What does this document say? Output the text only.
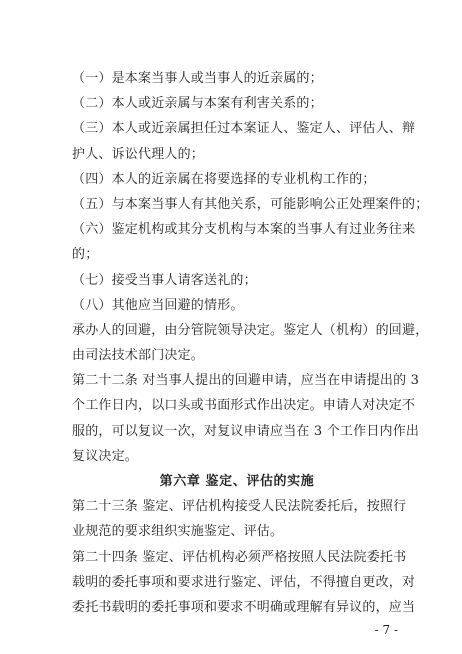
（一）是本案当事人或当事人的近亲属的；
（二）本人或近亲属与本案有利害关系的；
（三）本人或近亲属担任过本案证人、鉴定人、评估人、辩
护人、诉讼代理人的；
（四）本人的近亲属在将要选择的专业机构工作的；
（五）与本案当事人有其他关系，可能影响公正处理案件的；
（六）鉴定机构或其分支机构与本案的当事人有过业务往来
的；
（七）接受当事人请客送礼的；
（八）其他应当回避的情形。
承办人的回避，由分管院领导决定。鉴定人（机构）的回避，
由司法技术部门决定。
第二十二条 对当事人提出的回避申请，应当在申请提出的 3
个工作日内，以口头或书面形式作出决定。申请人对决定不
服的，可以复议一次，对复议申请应当在 3 个工作日内作出
复议决定。
第六章 鉴定、评估的实施
第二十三条 鉴定、评估机构接受人民法院委托后，按照行
业规范的要求组织实施鉴定、评估。
第二十四条 鉴定、评估机构必须严格按照人民法院委托书
载明的委托事项和要求进行鉴定、评估，不得擅自更改，对
委托书载明的委托事项和要求不明确或理解有异议的，应当
- 7 -
